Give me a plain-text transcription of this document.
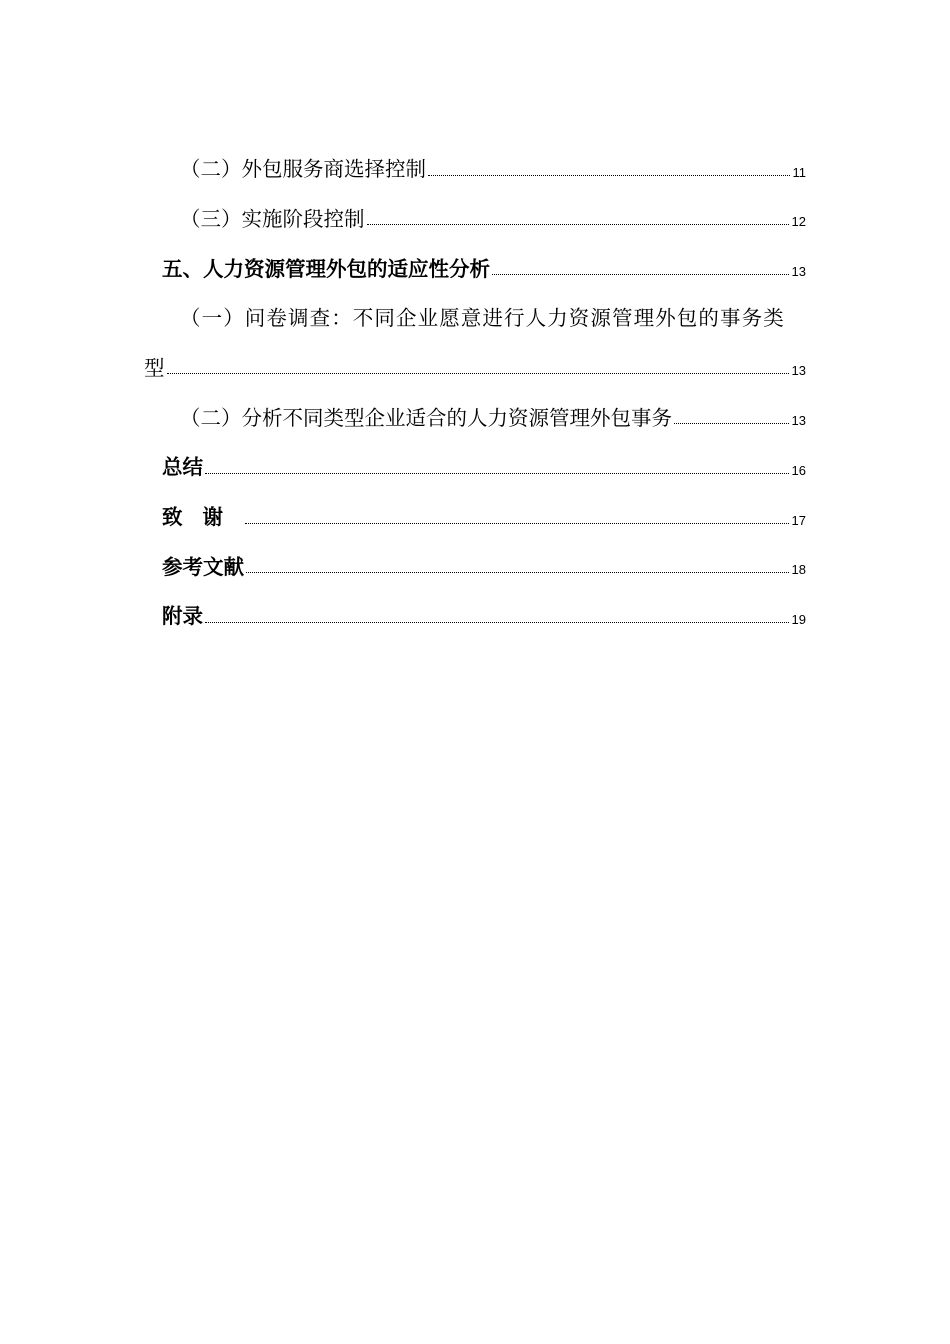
（二）外包服务商选择控制	11
（三）实施阶段控制	12
五、人力资源管理外包的适应性分析	13
（一）问卷调查：不同企业愿意进行人力资源管理外包的事务类
型	13
（二）分析不同类型企业适合的人力资源管理外包事务	13
总结	16
致谢	17
参考文献	18
附录	19
